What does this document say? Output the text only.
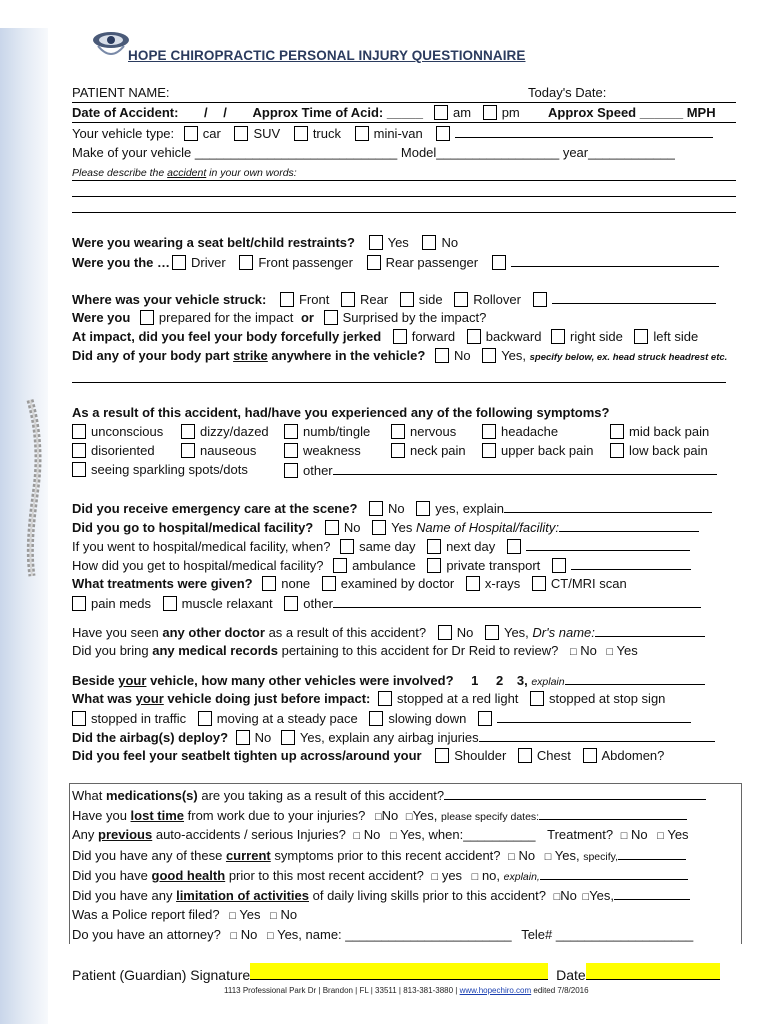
HOPE CHIROPRACTIC PERSONAL INJURY QUESTIONNAIRE
PATIENT NAME:	Today's Date:
Date of Accident: / / Approx Time of Acid: _____	am pm Approx Speed ______ MPH
Your vehicle type: car	SUV	truck	mini-van
Make of your vehicle ____________________________ Model_________________ year____________
Please describe the accident in your own words:
Were you wearing a seat belt/child restraints?	Yes	No
Were you the … Driver	Front passenger	Rear passenger
Where was your vehicle struck:	Front Rear side Rollover
Were you prepared for the impact or Surprised by the impact?
At impact, did you feel your body forcefully jerked forward backward right side left side
Did any of your body part strike anywhere in the vehicle? No Yes, specify below, ex. head struck headrest etc.
As a result of this accident, had/have you experienced any of the following symptoms?
unconscious	dizzy/dazed	numb/tingle	nervous	headache	mid back pain
disoriented	nauseous	weakness	neck pain	upper back pain	low back pain
seeing sparkling spots/dots	other
Did you receive emergency care at the scene? No yes, explain
Did you go to hospital/medical facility? No Yes Name of Hospital/facility:
If you went to hospital/medical facility, when? same day next day
How did you get to hospital/medical facility? ambulance private transport
What treatments were given? none examined by doctor x-rays CT/MRI scan
pain meds muscle relaxant other
Have you seen any other doctor as a result of this accident? No Yes, Dr's name:
Did you bring any medical records pertaining to this accident for Dr Reid to review? □ No □ Yes
Beside your vehicle, how many other vehicles were involved? 1 2 3, explain
What was your vehicle doing just before impact: stopped at a red light stopped at stop sign
stopped in traffic moving at a steady pace slowing down
Did the airbag(s) deploy? No Yes, explain any airbag injuries
Did you feel your seatbelt tighten up across/around your	Shoulder Chest Abdomen?
What medications(s) are you taking as a result of this accident?
Have you lost time from work due to your injuries? □No □Yes, please specify dates:
Any previous auto-accidents / serious Injuries? □ No □ Yes, when:__________ Treatment? □ No □ Yes
Did you have any of these current symptoms prior to this recent accident? □ No □ Yes, specify,
Did you have good health prior to this most recent accident? □ yes □ no, explain,
Did you have any limitation of activities of daily living skills prior to this accident? □No □Yes,
Was a Police report filed? □ Yes □ No
Do you have an attorney? □ No □ Yes, name: _______________________ Tele# ___________________
Patient (Guardian) Signature	Date
1113 Professional Park Dr | Brandon | FL | 33511 | 813-381-3880 | www.hopechiro.com edited 7/8/2016
